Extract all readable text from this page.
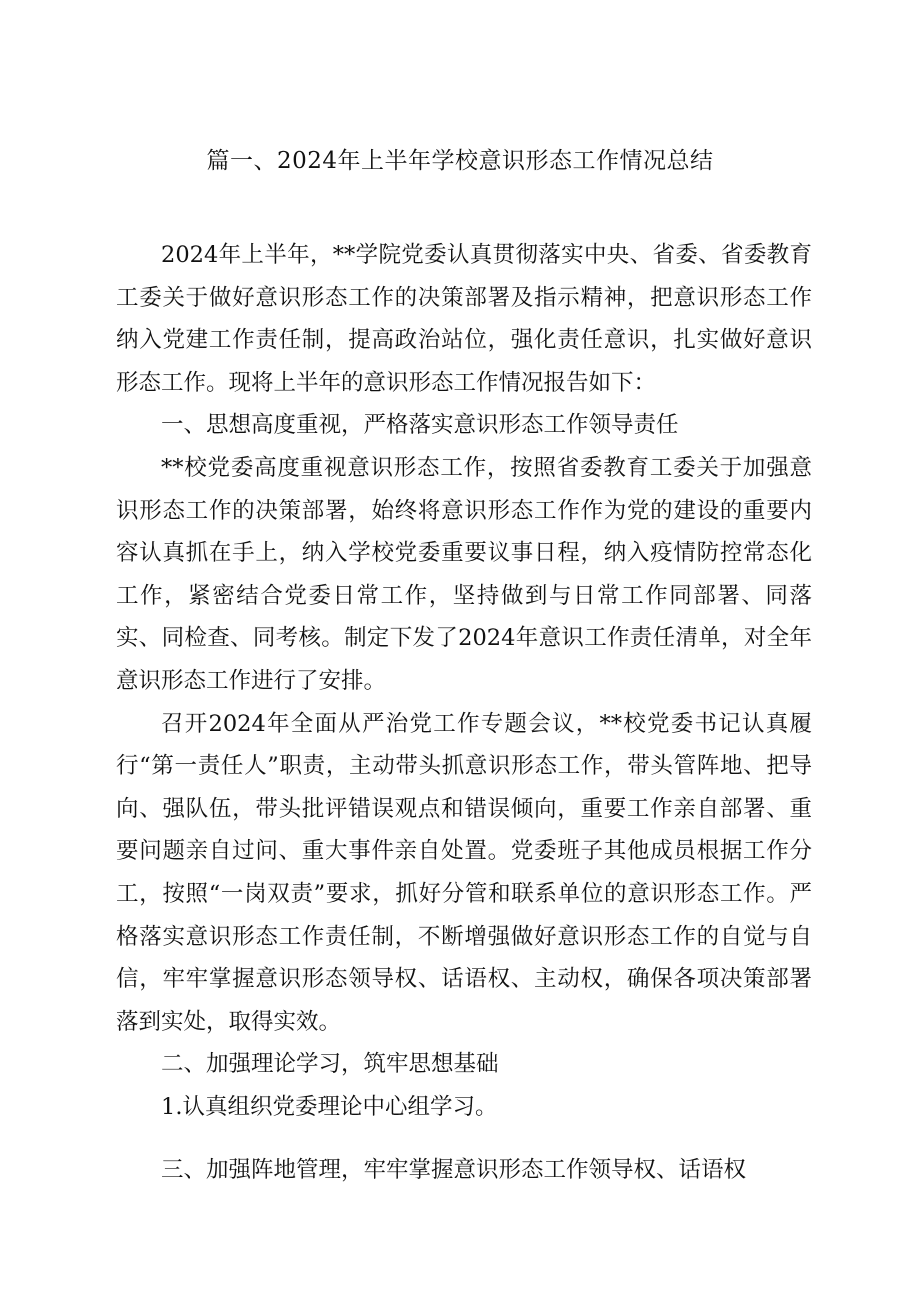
篇一、2024年上半年学校意识形态工作情况总结

2024年上半年，**学院党委认真贯彻落实中央、省委、省委教育工委关于做好意识形态工作的决策部署及指示精神，把意识形态工作纳入党建工作责任制，提高政治站位，强化责任意识，扎实做好意识形态工作。现将上半年的意识形态工作情况报告如下：

一、思想高度重视，严格落实意识形态工作领导责任

**校党委高度重视意识形态工作，按照省委教育工委关于加强意识形态工作的决策部署，始终将意识形态工作作为党的建设的重要内容认真抓在手上，纳入学校党委重要议事日程，纳入疫情防控常态化工作，紧密结合党委日常工作，坚持做到与日常工作同部署、同落实、同检查、同考核。制定下发了2024年意识工作责任清单，对全年意识形态工作进行了安排。

召开2024年全面从严治党工作专题会议，**校党委书记认真履行“第一责任人”职责，主动带头抓意识形态工作，带头管阵地、把导向、强队伍，带头批评错误观点和错误倾向，重要工作亲自部署、重要问题亲自过问、重大事件亲自处置。党委班子其他成员根据工作分工，按照“一岗双责”要求，抓好分管和联系单位的意识形态工作。严格落实意识形态工作责任制，不断增强做好意识形态工作的自觉与自信，牢牢掌握意识形态领导权、话语权、主动权，确保各项决策部署落到实处，取得实效。

二、加强理论学习，筑牢思想基础

1.认真组织党委理论中心组学习。

三、加强阵地管理，牢牢掌握意识形态工作领导权、话语权
